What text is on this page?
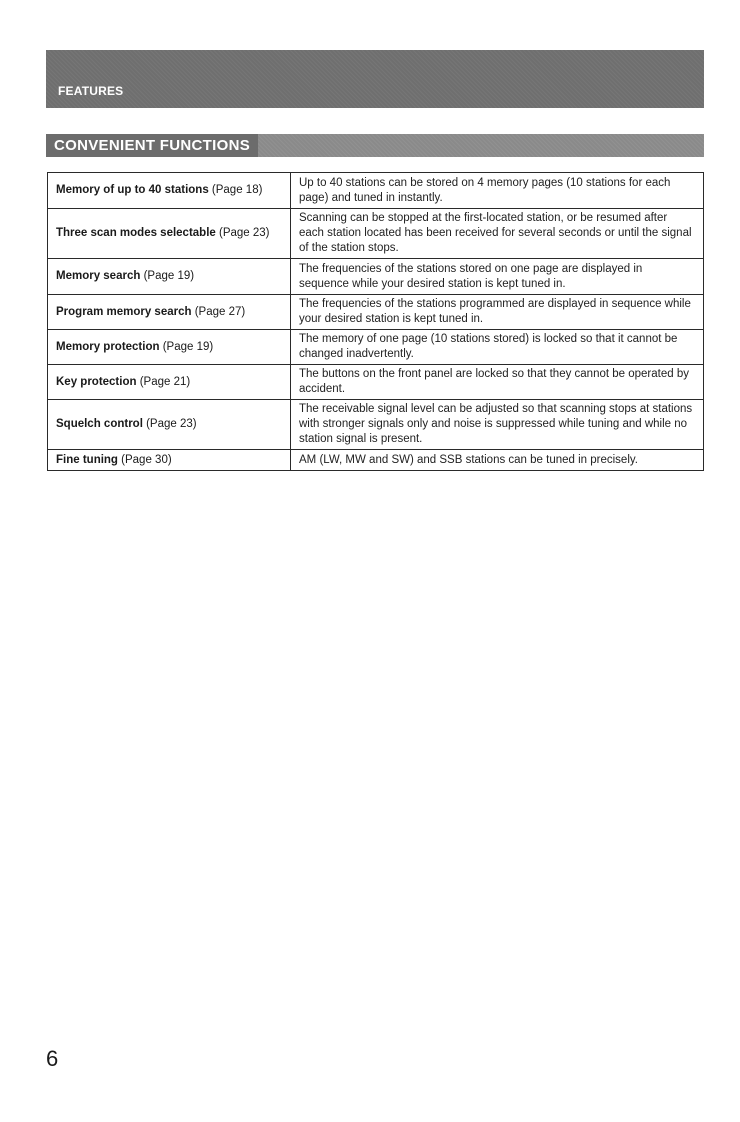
FEATURES
CONVENIENT FUNCTIONS
Memory of up to 40 stations (Page 18)	Up to 40 stations can be stored on 4 memory pages (10 stations for each page) and tuned in instantly.
Three scan modes selectable (Page 23)	Scanning can be stopped at the first-located station, or be resumed after each station located has been received for several seconds or until the signal of the station stops.
Memory search (Page 19)	The frequencies of the stations stored on one page are displayed in sequence while your desired station is kept tuned in.
Program memory search (Page 27)	The frequencies of the stations programmed are displayed in sequence while your desired station is kept tuned in.
Memory protection (Page 19)	The memory of one page (10 stations stored) is locked so that it cannot be changed inadvertently.
Key protection (Page 21)	The buttons on the front panel are locked so that they cannot be operated by accident.
Squelch control (Page 23)	The receivable signal level can be adjusted so that scanning stops at stations with stronger signals only and noise is suppressed while tuning and while no station signal is present.
Fine tuning (Page 30)	AM (LW, MW and SW) and SSB stations can be tuned in precisely.
6
